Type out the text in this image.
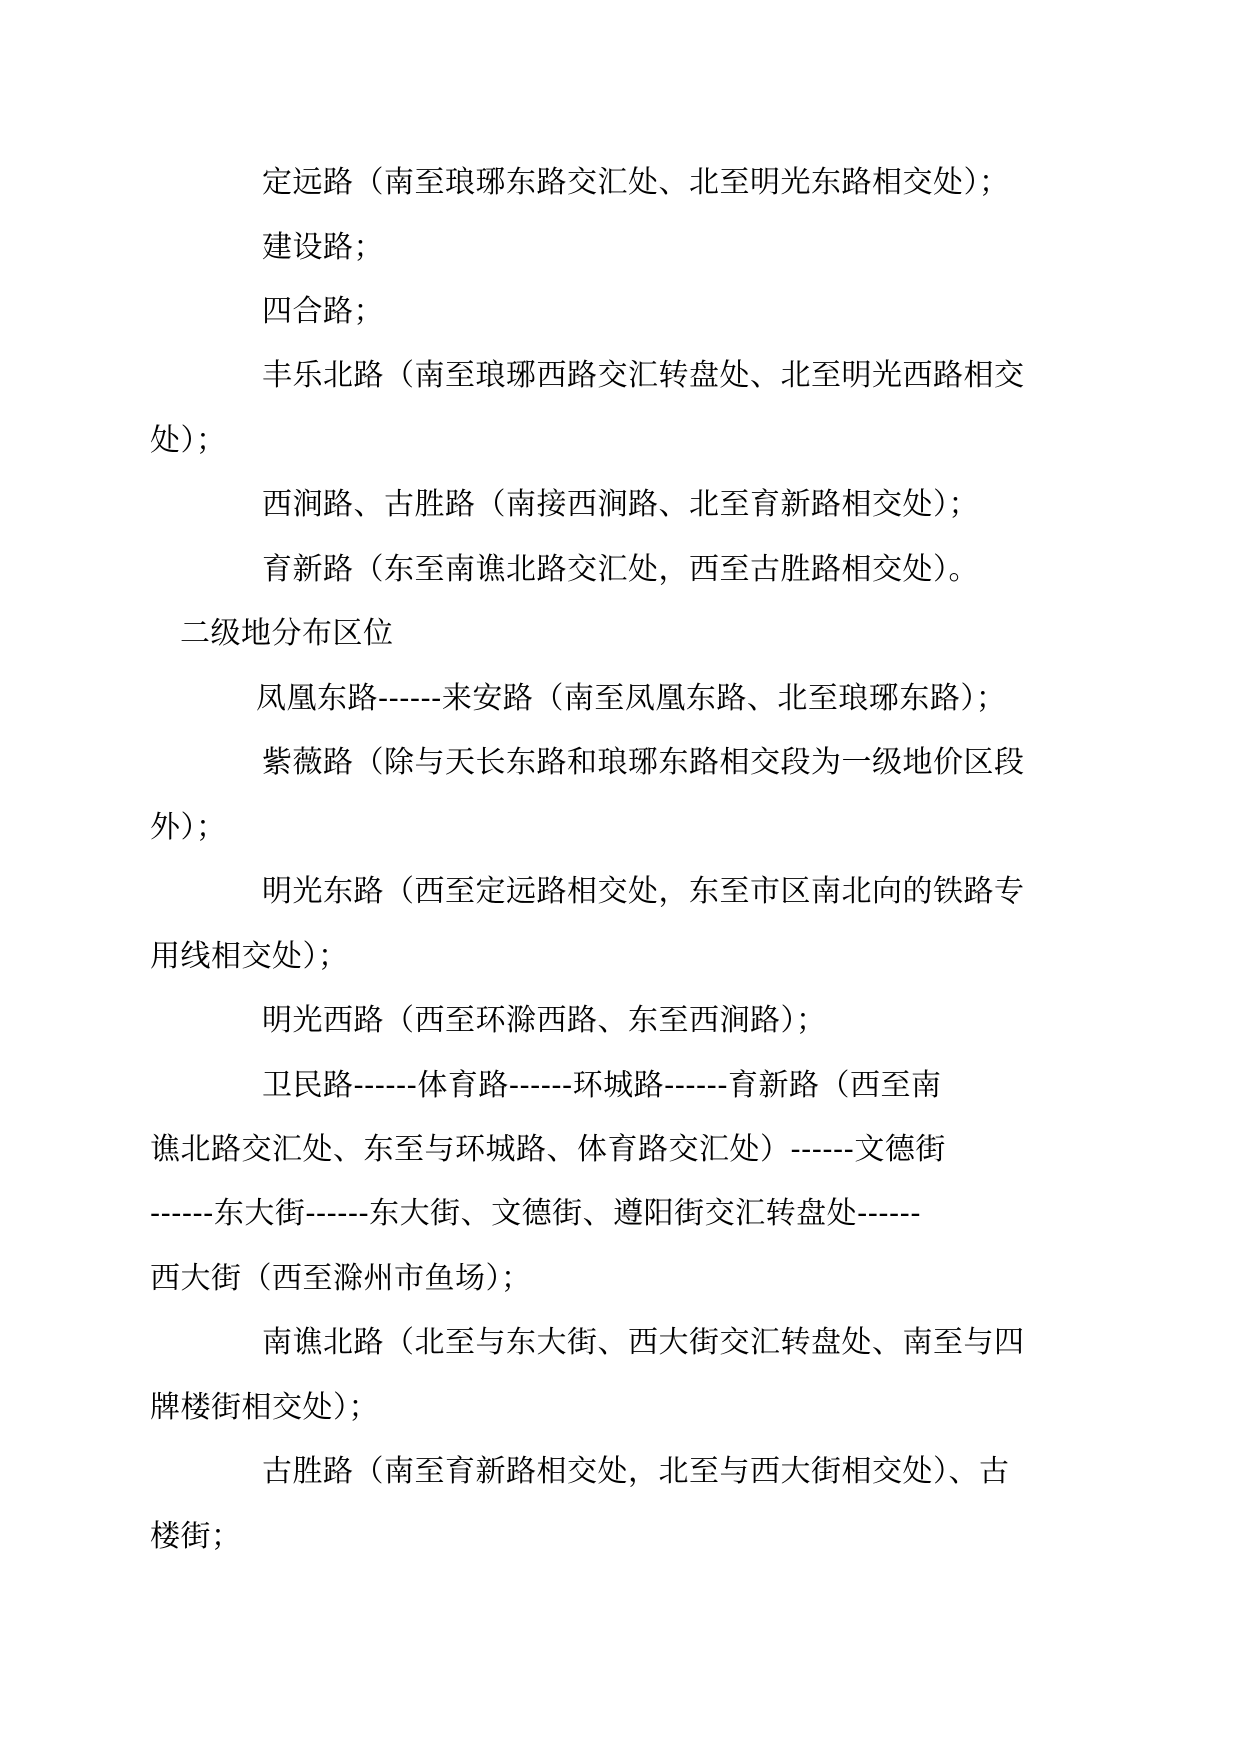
定远路（南至琅琊东路交汇处、北至明光东路相交处）；
建设路；
四合路；
丰乐北路（南至琅琊西路交汇转盘处、北至明光西路相交
处）；
西涧路、古胜路（南接西涧路、北至育新路相交处）；
育新路（东至南谯北路交汇处，西至古胜路相交处）。
二级地分布区位
凤凰东路------来安路（南至凤凰东路、北至琅琊东路）；
紫薇路（除与天长东路和琅琊东路相交段为一级地价区段
外）；
明光东路（西至定远路相交处，东至市区南北向的铁路专
用线相交处）；
明光西路（西至环滁西路、东至西涧路）；
卫民路------体育路------环城路------育新路（西至南
谯北路交汇处、东至与环城路、体育路交汇处）------文德街
------东大街------东大街、文德街、遵阳街交汇转盘处------
西大街（西至滁州市鱼场）；
南谯北路（北至与东大街、西大街交汇转盘处、南至与四
牌楼街相交处）；
古胜路（南至育新路相交处，北至与西大街相交处）、古
楼街；
